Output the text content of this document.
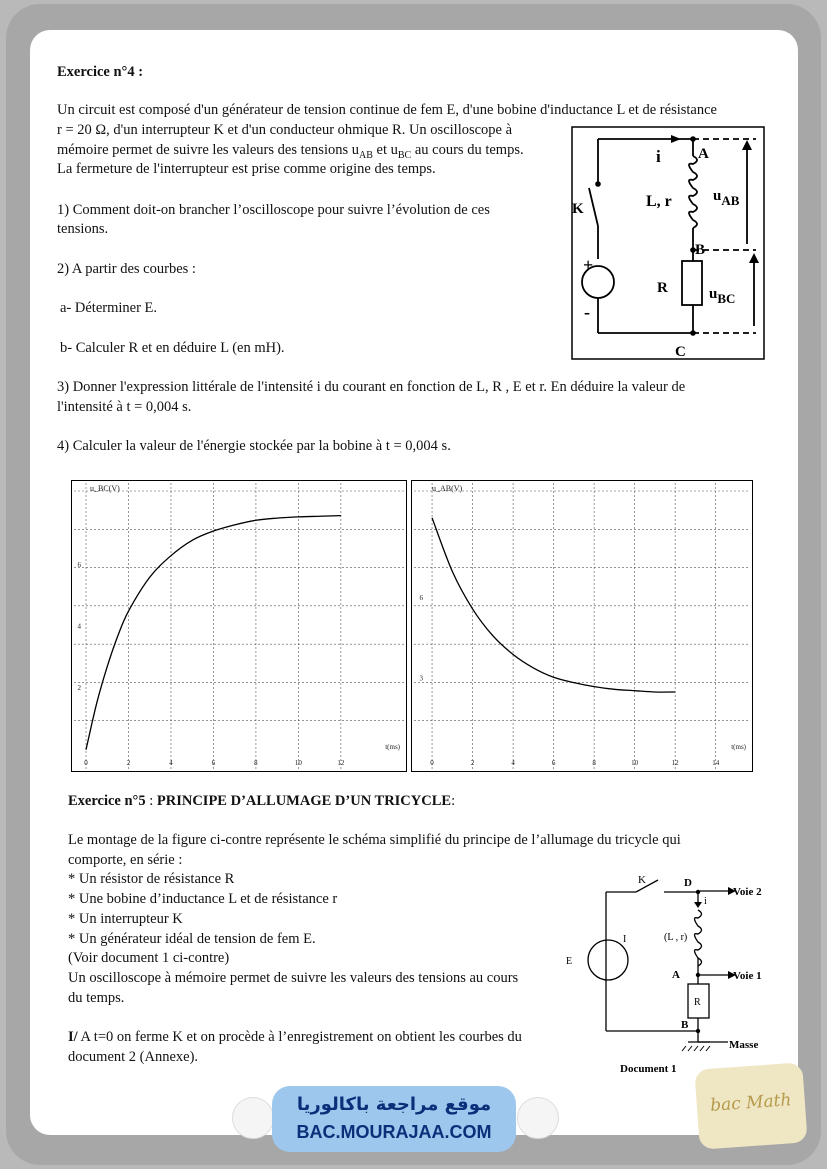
Exercice n°4 :
Un circuit est composé d'un générateur de tension continue de fem E, d'une bobine d'inductance L et de résistance
r = 20 Ω, d'un interrupteur K et d'un conducteur ohmique R. Un oscilloscope à
mémoire permet de suivre les valeurs des tensions $u_{AB}$ et $u_{BC}$ au cours du temps.
La fermeture de l'interrupteur est prise comme origine des temps.
1) Comment doit-on brancher l’oscilloscope pour suivre l’évolution de ces
tensions.
2) A partir des courbes :
a- Déterminer E.
b- Calculer R et en déduire L (en mH).
3) Donner l'expression littérale de l'intensité i du courant en fonction de L, R , E et r. En déduire la valeur de
l'intensité à t = 0,004 s.
4) Calculer la valeur de l'énergie stockée par la bobine à t = 0,004 s.
i A
B
C
K	L, r
R
uAB
uBC
+
-
0	2	4	6	8	10	12
2
4
6
u_BC(V)
t(ms)
0	2	4	6	8	10	12	14
3
6
u_AB(V)
t(ms)
Exercice n°5 : PRINCIPE D’ALLUMAGE D’UN TRICYCLE:
Le montage de la figure ci-contre représente le schéma simplifié du principe de l’allumage du tricycle qui
comporte, en série :
* Un résistor de résistance R
* Une bobine d’inductance L et de résistance r
* Un interrupteur K
* Un générateur idéal de tension de fem E.
(Voir document 1 ci-contre)
Un oscilloscope à mémoire permet de suivre les valeurs des tensions au cours
du temps.
I/ A t=0 on ferme K et on procède à l’enregistrement on obtient les courbes du
document 2 (Annexe).
K	D
Voie 2
i
(L , r)
E
I
A	Voie 1
R
B
Masse
Document 1
موقع مراجعة باكالوريا
BAC.MOURAJAA.COM
bac Math
